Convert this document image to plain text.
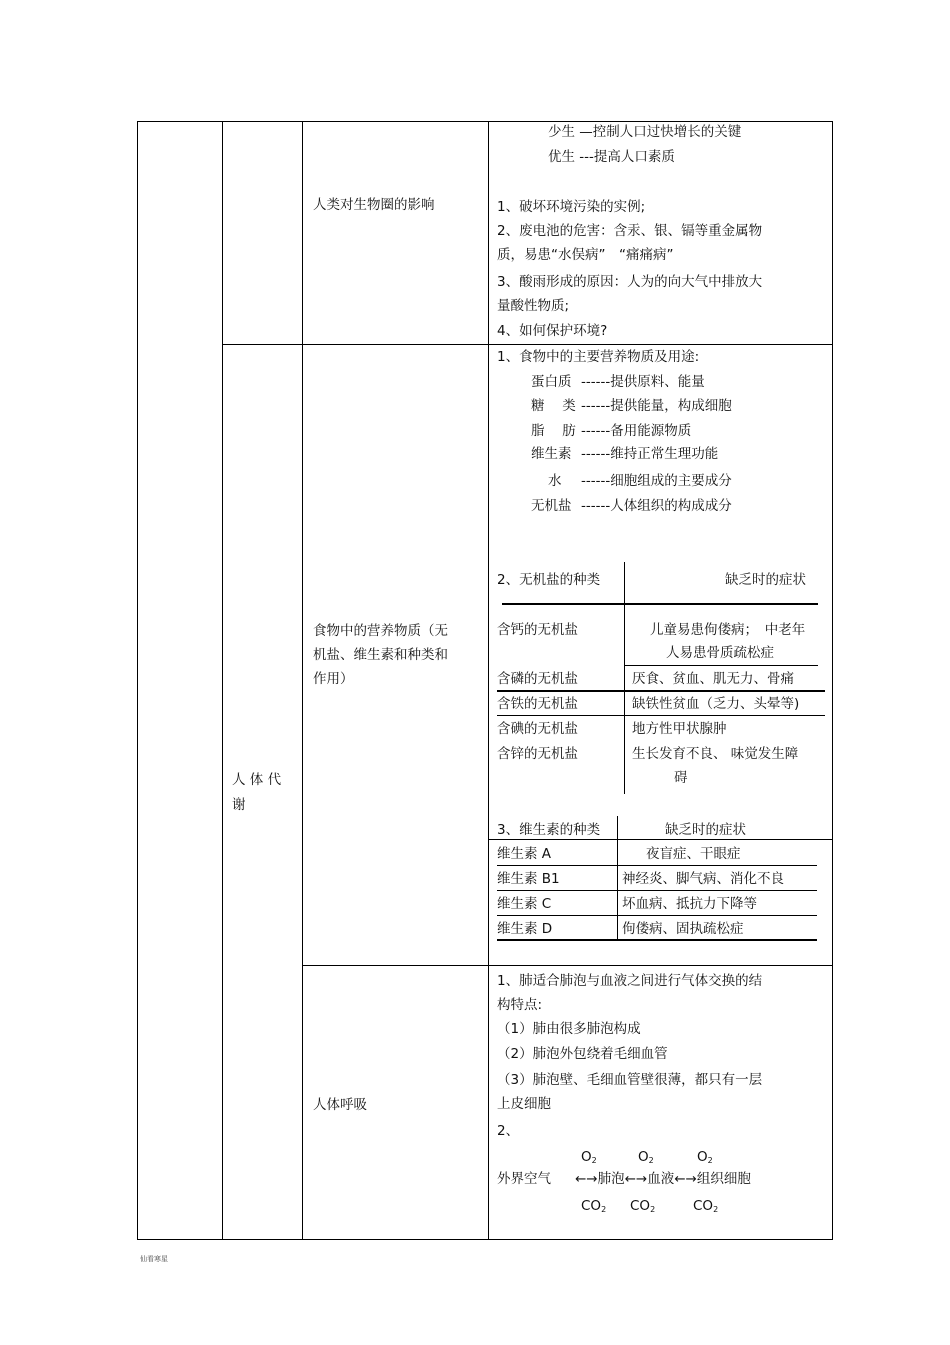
人类对生物圈的影响
少生 —控制人口过快增长的关键
优生 ---提高人口素质
1、破坏环境污染的实例;
2、废电池的危害：含汞、银、镉等重金属物
质，易患“水俣病”　“痛痛病”
3、酸雨形成的原因：人为的向大气中排放大
量酸性物质;
4、如何保护环境?
人 体 代
谢
食物中的营养物质（无
机盐、维生素和种类和
作用）
1、食物中的主要营养物质及用途:
蛋白质 ------提供原料、能量
糖　 类 ------提供能量，构成细胞
脂　 肪 ------备用能源物质
维生素 ------维持正常生理功能
水 ------细胞组成的主要成分
无机盐 ------人体组织的构成成分
2、无机盐的种类	缺乏时的症状
含钙的无机盐	儿童易患佝偻病；　中老年
人易患骨质疏松症
含磷的无机盐	厌食、贫血、肌无力、骨痛
含铁的无机盐	缺铁性贫血（乏力、头晕等)
含碘的无机盐	地方性甲状腺肿
含锌的无机盐	生长发育不良、 味觉发生障
碍
3、维生素的种类	缺乏时的症状
维生素 A	夜盲症、干眼症
维生素 B1	神经炎、脚气病、消化不良
维生素 C	坏血病、抵抗力下降等
维生素 D	佝偻病、固执疏松症
人体呼吸
1、肺适合肺泡与血液之间进行气体交换的结
构特点:
（1）肺由很多肺泡构成
（2）肺泡外包绕着毛细血管
（3）肺泡壁、毛细血管壁很薄，都只有一层
上皮细胞
2、
$O_2$	$O_2$	$O_2$
外界空气 ←→肺泡←→血液←→组织细胞
$CO_2$ $CO_2$	$CO_2$
仙看寒星
